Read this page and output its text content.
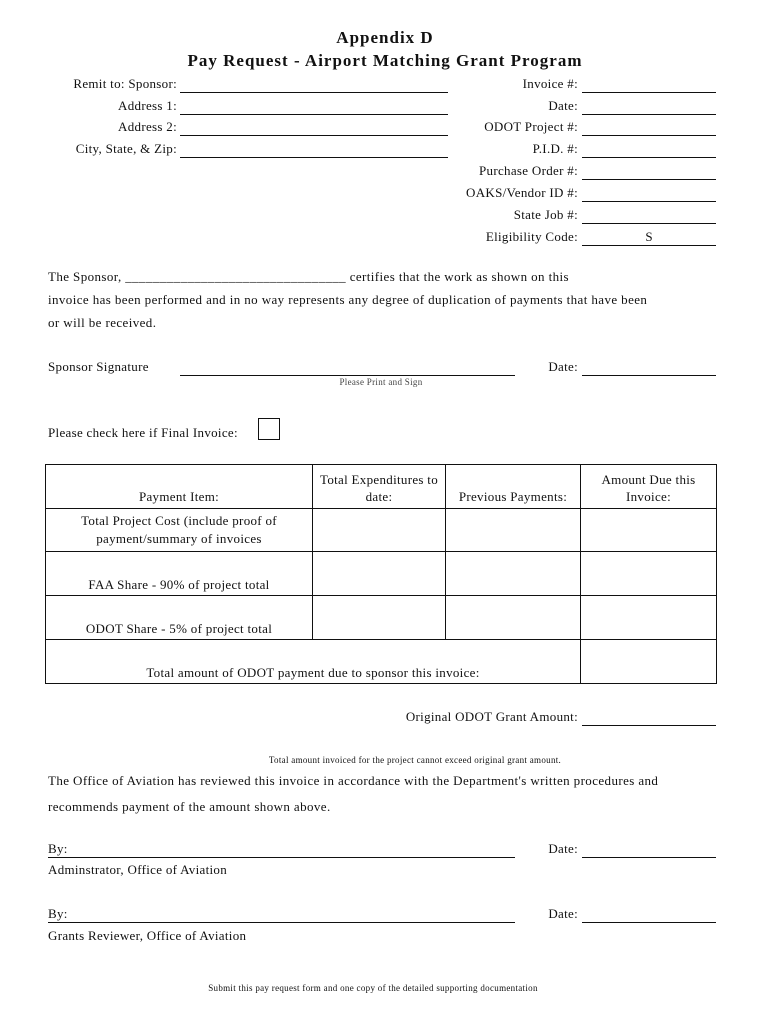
Appendix D
Pay Request - Airport Matching Grant Program
Remit to: Sponsor:
Address 1:
Address 2:
City, State, & Zip:
Invoice #:
Date:
ODOT Project #:
P.I.D. #:
Purchase Order #:
OAKS/Vendor ID #:
State Job #:
Eligibility Code:	S
The Sponsor, ________________________________ certifies that the work as shown on this
invoice has been performed and in no way represents any degree of duplication of payments that have been
or will be received.
Sponsor Signature
Please Print and Sign
Date:
Please check here if Final Invoice:
Payment Item:	Total Expenditures to date:	Previous Payments:	Amount Due this Invoice:
Total Project Cost (include proof of payment/summary of invoices			
FAA Share - 90% of project total			
ODOT Share - 5% of project total			
Total amount of ODOT payment due to sponsor this invoice:			
Original ODOT Grant Amount:
Total amount invoiced for the project cannot exceed original grant amount.
The Office of Aviation has reviewed this invoice in accordance with the Department's written procedures and
recommends payment of the amount shown above.
By:
Adminstrator, Office of Aviation
Date:
By:
Grants Reviewer, Office of Aviation
Date:
Submit this pay request form and one copy of the detailed supporting documentation
